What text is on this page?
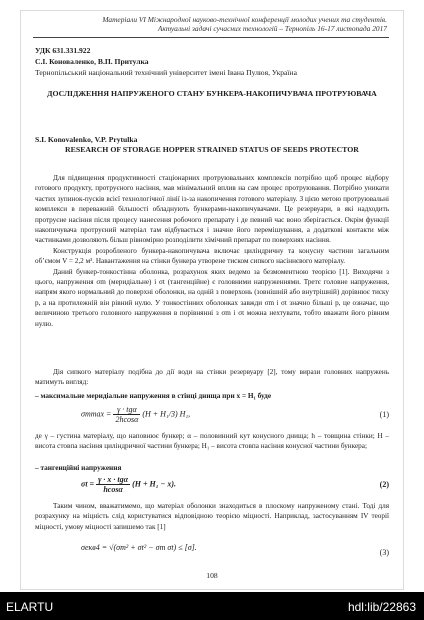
Матеріали VI Міжнародної науково-технічної конференції молодих учених та студентів.
Актуальні задачі сучасних технологій – Тернопіль 16-17 листопада 2017
УДК 631.331.922
С.І. Коноваленко, В.П. Притулка
Тернопільський національний технічний університет імені Івана Пулюя, Україна
ДОСЛІДЖЕННЯ НАПРУЖЕНОГО СТАНУ БУНКЕРА-НАКОПИЧУВАЧА ПРОТРУЮВАЧА
S.I. Konovalenko, V.P. Prytulka
RESEARCH OF STORAGE HOPPER STRAINED STATUS OF SEEDS PROTECTOR

Для підвищення продуктивності стаціонарних протруювальних комплексів потрібно щоб процес відбору готового продукту, протруєного насіння, мав мінімальний вплив на сам процес протруювання. Потрібно уникати частих зупинок-пусків всієї технологічної лінії із-за накопичення готового матеріалу. З цією метою протруювальні комплекси в переважній більшості обладнують бункерами-накопичувачами. Це резервуари, в які надходить протруєне насіння після процесу нанесення робочого препарату і де певний час воно зберігається. Окрім функції накопичувача протруєний матеріал там відбувається і значне його перемішування, а додаткові контакти між частинками дозволяють більш рівномірно розподілити хімічний препарат по поверхнях насіння.

Конструкція розробленого бункера-накопичувача включає циліндричну та конусну частини загальним об’ємом V = 2,2 м³. Навантаження на стінки бункера утворене тиском сипкого насіннєвого матеріалу.

Даний бункер-тонкостінна оболонка, розрахунок яких ведемо за безмоментною теорією [1]. Виходячи з цього, напруження σm (меридіальне) і σt (тангенційне) є головними напруженнями. Третє головне напруження, напрям якого нормальний до поверхні оболонки, на одній з поверхонь (зовнішній або внутрішній) дорівнює тиску p, а на протилежній він рівний нулю. У тонкостінних оболонках завжди σm і σt значно більші p, це означає, що величиною третього головного напруження в порівнянні з σm і σt можна нехтувати, тобто вважати його рівним нулю.

Дія сипкого матеріалу подібна до дії води на стінки резервуару [2], тому вирази головних напружень матимуть вигляд:

– максимальне меридіальне напруження в стінці днища при x = H₁ буде
$\sigma mmax = \frac{\text{γ · tgα}}{2hcos\alpha} (H + H_1/3)$ H₁,	(1)

де γ – густина матеріалу, що наповнює бункер; α – половинний кут конусного днища; h – товщина стінки; H – висота стовпа насіння циліндричної частини бункера; H₁ – висота стовпа насіння конусної частини бункера;

– тангенційні напруження
$\sigma t = \frac{\text{γ · x · tgα}}{hcos\alpha} (H + H_1 - x)$.	(2)

Таким чином, вважатимемо, що матеріал оболонки знаходиться в плоскому напруженому стані. Тоді для розрахунку на міцність слід користуватися відповідною теорією міцності. Наприклад, застосуванням IV теорії міцності, умову міцності запишемо так [1]

σекв4 = √(σm² + σt² − σm σt) ≤ [σ].
(3)
108
ELARTU	hdl:lib/22863
